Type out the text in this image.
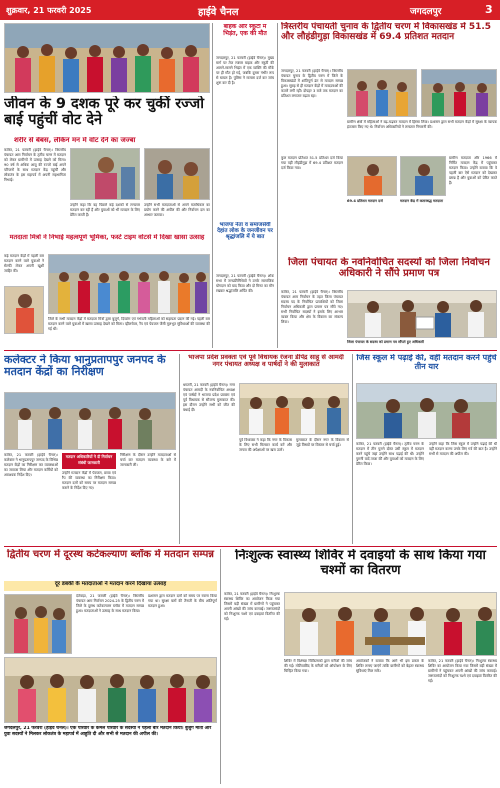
शुक्रवार, 21 फरवरी 2025	हाईवे चैनल	जगदलपुर	3
जीवन के 9 दशक पूरे कर चुकीं रज्जो बाई पहुंचीं वोट देने
शरीर से बेबस, लेकिन मन में वोट देने का जज्बा
कांकेर, 21 फरवरी (हाईवे चैनल)। त्रिस्तरीय पंचायत आम निर्वाचन के तृतीय चरण में मतदान को लेकर ग्रामीणों में उत्साह देखने को मिला। 90 वर्ष से अधिक आयु की रज्जो बाई अपने परिजनों के साथ मतदान केंद्र पहुंचीं और लोकतंत्र के इस महापर्व में अपनी सहभागिता निभाई।
उन्होंने कहा कि वह पिछले कई दशकों से लगातार मतदान कर रही हैं और युवाओं को भी मतदान के लिए प्रेरित करती हैं।
उन्होंने सभी मतदाताओं से अपने मताधिकार का प्रयोग करने की अपील की और निर्वाचन दल का आभार जताया।
मतदाता मित्रों ने निभाई महत्वपूर्ण भूमिका, फर्स्ट टाइम वोटर्स में दिखा खासा उत्साह
कई मतदान केंद्रों में पहली बार मतदान करने वाले युवाओं ने सेल्फी लेकर अपनी खुशी जाहिर की।
जिले के सभी मतदान केंद्रों में मतदाता मित्रों द्वारा बुजुर्ग, दिव्यांग एवं गर्भवती महिलाओं को सहायता प्रदान की गई। पहली बार मतदान करने वाले युवाओं में खासा उत्साह देखने को मिला। व्हीलचेयर, रैंप एवं पेयजल जैसी मूलभूत सुविधाओं की व्यवस्था की गई थी।
बाहक और स्कूटी में भिड़ंत, एक की मौत
जगदलपुर, 21 फरवरी (हाईवे चैनल)। मुख्य मार्ग पर तेज रफ्तार बाइक और स्कूटी की आमने-सामने भिड़ंत में एक व्यक्ति की मौके पर ही मौत हो गई, जबकि दूसरा गंभीर रूप से घायल है। पुलिस ने मामला दर्ज कर जांच शुरू कर दी है।
भाजपा नेता व समाजसेवी देहांत लोक के जनजीवन पर श्रृद्धांजलि में ये बात
जगदलपुर, 21 फरवरी (हाईवे चैनल)। शोक सभा में जनप्रतिनिधियों ने उनके सामाजिक योगदान को याद किया और दो मिनट का मौन रखकर श्रद्धांजलि अर्पित की।
त्रिस्तरीय पंचायती चुनाव के द्वितीय चरण में विकासखंड में 51.5 और लौहंडीगुड़ा विकासखंड में 69.4 प्रतिशत मतदान
जगदलपुर, 21 फरवरी (हाईवे चैनल)। त्रिस्तरीय पंचायत चुनाव के द्वितीय चरण में जिले के विकासखंडों में शांतिपूर्ण ढंग से मतदान सम्पन्न हुआ। सुबह से ही मतदान केंद्रों में मतदाताओं की कतारें लगी रहीं। दोपहर 3 बजे तक मतदान का प्रतिशत लगातार बढ़ता रहा।
ग्रामीण क्षेत्रों में महिलाओं ने बढ़-चढ़कर मतदान में हिस्सा लिया। प्रशासन द्वारा सभी मतदान केंद्रों में सुरक्षा के व्यापक इंतजाम किए गए थे। निर्वाचन अधिकारियों ने लगातार निगरानी की।
कुल मतदान प्रतिशत 51.5 प्रतिशत दर्ज किया गया वहीं लौहंडीगुड़ा में 69.4 प्रतिशत मतदान दर्ज किया गया।
ग्रामीण मतदाता और 1966 में निर्मित मतदान केंद्र में पहुंचकर मतदान किया। उन्होंने बताया कि वे पहली बार ऐसे मतदान को देखकर प्रसन्न हैं और युवाओं को प्रेरित करते हैं।
69.4 प्रतिशत मतदान दर्ज	मतदान केंद्र में कतारबद्ध मतदाता
जिला पंचायत के नवनिर्वाचित सदस्यों को जिला निर्वाचन अधिकारी ने सौंपे प्रमाण पत्र
कांकेर, 21 फरवरी (हाईवे चैनल)। त्रिस्तरीय पंचायत आम निर्वाचन के तहत जिला पंचायत सदस्य पद के निर्वाचित प्रत्याशियों को जिला निर्वाचन अधिकारी द्वारा प्रमाण पत्र सौंपे गए। सभी निर्वाचित सदस्यों ने इसके लिए आभार व्यक्त किया और क्षेत्र के विकास का संकल्प लिया।
जिला पंचायत के सदस्य को प्रमाण पत्र सौंपते हुए अधिकारी
कलेक्टर ने किया भानुप्रतापपुर जनपद के मतदान केंद्रों का निरीक्षण
कांकेर, 21 फरवरी (हाईवे चैनल)। कलेक्टर ने भानुप्रतापपुर जनपद के विभिन्न मतदान केंद्रों का निरीक्षण कर व्यवस्थाओं का जायजा लिया और मतदान कर्मियों को आवश्यक निर्देश दिए।
मतदान अधिकारियों ने दी निर्वाचन संबंधी जानकारी
उन्होंने मतदान केंद्रों में पेयजल, छाया एवं रैंप की व्यवस्था का निरीक्षण किया। मतदान दलों को समय पर मतदान सम्पन्न कराने के निर्देश दिए गए।
निरीक्षण के दौरान उन्होंने मतदाताओं से चर्चा कर मतदान व्यवस्था के बारे में जानकारी ली।
भाजपा प्रदेश प्रवक्ता एवं पूर्व विधायक रंजना डीपेंद्र साहू से आमदी नगर पंचायत अध्यक्ष व पार्षदों ने की मुलाकात
धमतरी, 21 फरवरी (हाईवे चैनल)। नगर पंचायत आमदी के नवनिर्वाचित अध्यक्ष एवं पार्षदों ने भाजपा प्रदेश प्रवक्ता एवं पूर्व विधायक से सौजन्य मुलाकात की। इस दौरान उन्होंने सभी को जीत की बधाई दी।
पूर्व विधायक ने कहा कि नगर के विकास के लिए सभी मिलकर कार्य करें और जनता की अपेक्षाओं पर खरा उतरें।
मुलाकात के दौरान नगर के विकास से जुड़े विषयों पर विस्तार से चर्चा हुई।
जिस स्कूल में पढ़ाई की, वहीं मतदान करने पहुंचे तीन यार
कांकेर, 21 फरवरी (हाईवे चैनल)। तृतीय चरण के मतदान में तीन पुराने दोस्त उसी स्कूल में मतदान करने पहुंचे जहां उन्होंने साथ पढ़ाई की थी। उन्होंने पुरानी यादें ताजा कीं और युवाओं को मतदान के लिए प्रेरित किया।
उन्होंने कहा कि जिस स्कूल में उन्होंने पढ़ाई की थी वहीं मतदान करना उनके लिए गर्व की बात है। उन्होंने सभी से मतदान की अपील की।
द्वितीय चरण में दूरस्थ कटेकल्याण ब्लॉक में मतदान सम्पन्न
दूर डबकी के मतदाताओं ने मतदान करने दिखाया उत्साह
दंतेवाड़ा, 21 फरवरी (हाईवे चैनल)। त्रिस्तरीय पंचायत आम निर्वाचन 2024-25 के द्वितीय चरण में जिले के दूरस्थ कटेकल्याण ब्लॉक में मतदान सम्पन्न हुआ। मतदाताओं ने उत्साह के साथ मतदान किया।
प्रशासन द्वारा मतदान दलों को समय पर रवाना किया गया था। सुरक्षा बलों की तैनाती के बीच शांतिपूर्ण मतदान हुआ।
जगदलपुर, 21 फरवरी (हाईवे चैनल)। एक परिवार के कमल परिवार के सदस्यों ने पहली बार मतदान किया। बुजुर्ग माता और युवा सदस्यों ने मिलकर लोकतंत्र के महापर्व में आहुति दी और सभी से मतदान की अपील की।
निःशुल्क स्वास्थ्य शिविर में दवाइयों के साथ किया गया चश्मों का वितरण
कांकेर, 21 फरवरी (हाईवे चैनल)। निःशुल्क स्वास्थ्य शिविर का आयोजन किया गया जिसमें बड़ी संख्या में ग्रामीणों ने पहुंचकर अपनी आंखों की जांच करवाई। जरूरतमंदों को निःशुल्क चश्मे एवं दवाइयां वितरित की गईं।
शिविर में विशेषज्ञ चिकित्सकों द्वारा मरीजों की जांच की गई। मोतियाबिंद के मरीजों को ऑपरेशन के लिए चिन्हित किया गया।
आयोजकों ने बताया कि आगे भी इस प्रकार के शिविर लगाए जाएंगे ताकि ग्रामीणों को बेहतर स्वास्थ्य सुविधाएं मिल सकें।
कांकेर, 21 फरवरी (हाईवे चैनल)। निःशुल्क स्वास्थ्य शिविर का आयोजन किया गया जिसमें बड़ी संख्या में ग्रामीणों ने पहुंचकर अपनी आंखों की जांच करवाई। जरूरतमंदों को निःशुल्क चश्मे एवं दवाइयां वितरित की गईं।
